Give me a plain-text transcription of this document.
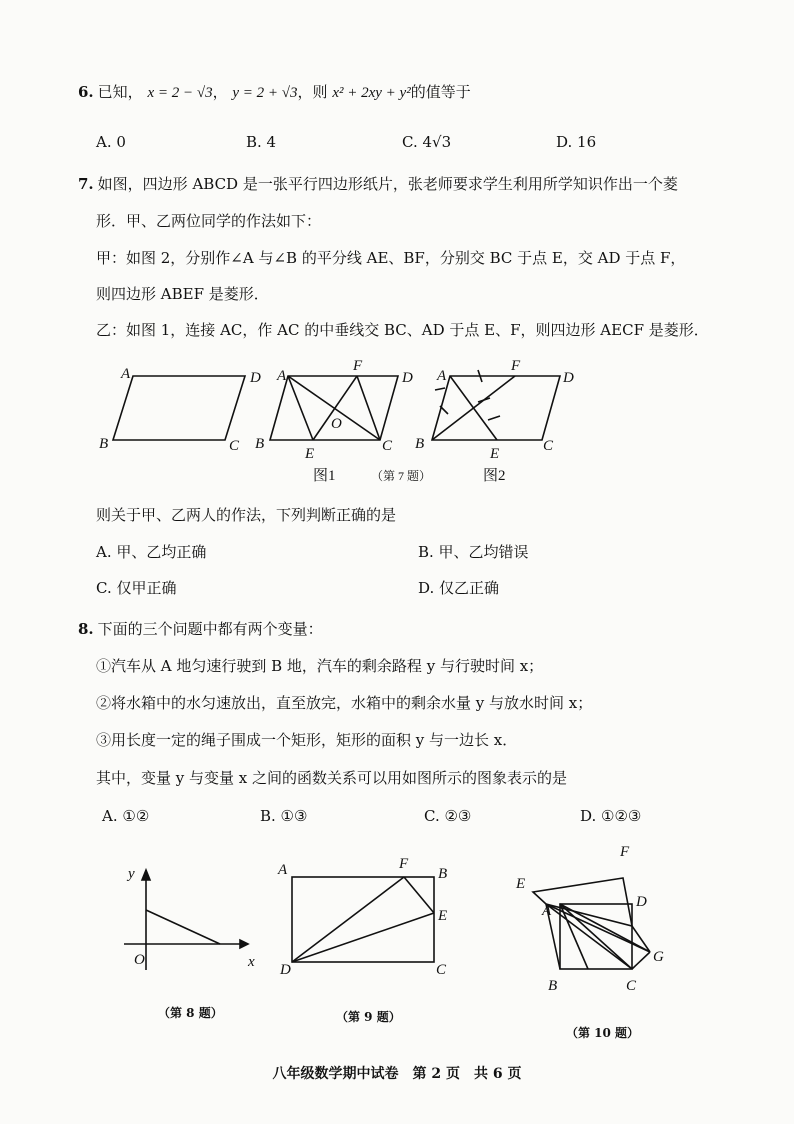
6. 已知， x = 2 − √3， y = 2 + √3，则 x² + 2xy + y²的值等于
A. 0	B. 4	C. 4√3	D. 16
7. 如图，四边形 ABCD 是一张平行四边形纸片，张老师要求学生利用所学知识作出一个菱
形．甲、乙两位同学的作法如下：
甲：如图 2，分别作∠A 与∠B 的平分线 AE、BF，分别交 BC 于点 E，交 AD 于点 F，
则四边形 ABEF 是菱形．
乙：如图 1，连接 AC，作 AC 的中垂线交 BC、AD 于点 E、F，则四边形 AECF 是菱形．
A	D
B	C
A	D
B	C
F
O
E
A	D
B	C
F
E
图1	（第 7 题）	图2
则关于甲、乙两人的作法，下列判断正确的是
A. 甲、乙均正确	B. 甲、乙均错误
C. 仅甲正确	D. 仅乙正确
8. 下面的三个问题中都有两个变量：
①汽车从 A 地匀速行驶到 B 地，汽车的剩余路程 y 与行驶时间 x；
②将水箱中的水匀速放出，直至放完，水箱中的剩余水量 y 与放水时间 x；
③用长度一定的绳子围成一个矩形，矩形的面积 y 与一边长 x．
其中，变量 y 与变量 x 之间的函数关系可以用如图所示的图象表示的是
A. ①②	B. ①③	C. ②③	D. ①②③
y
O	x
A	B
F
E
D	C
F
E
A
D
G
B	C
（第 8 题）	（第 9 题）
（第 10 题）
八年级数学期中试卷　第 2 页　共 6 页
